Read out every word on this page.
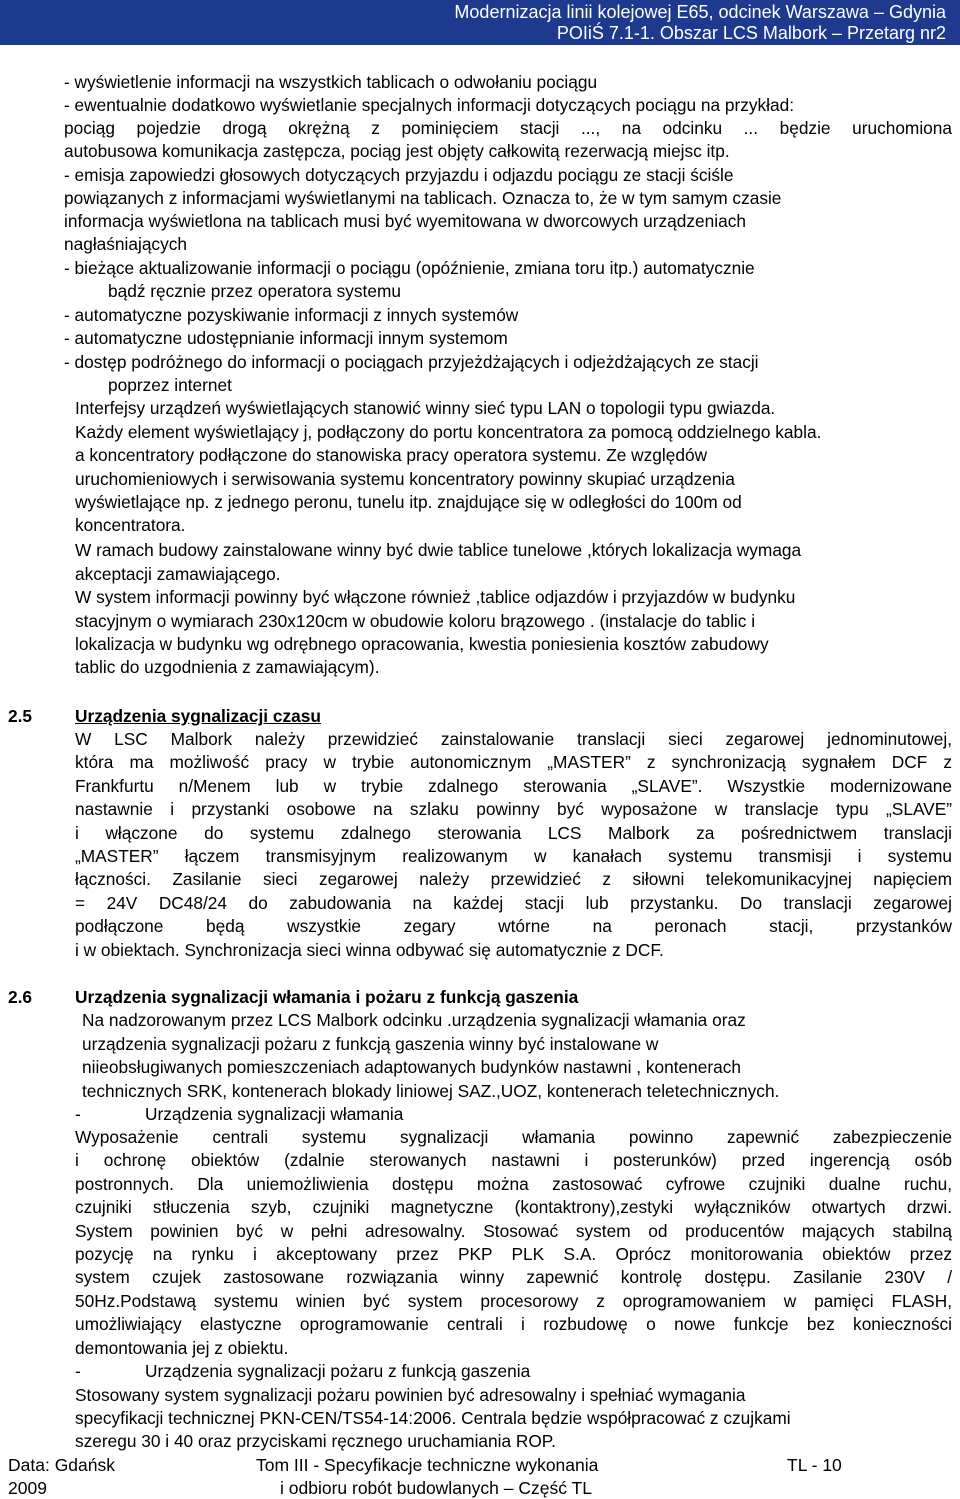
Modernizacja linii kolejowej E65, odcinek Warszawa – Gdynia
POIiŚ 7.1-1. Obszar LCS Malbork – Przetarg nr2
- wyświetlenie informacji na wszystkich tablicach o odwołaniu pociągu
- ewentualnie dodatkowo wyświetlanie specjalnych informacji dotyczących pociągu na przykład:
pociąg pojedzie drogą okrężną z pominięciem stacji ..., na odcinku ... będzie uruchomiona
autobusowa komunikacja zastępcza, pociąg jest objęty całkowitą rezerwacją miejsc itp.
- emisja zapowiedzi głosowych dotyczących przyjazdu i odjazdu pociągu ze stacji ściśle
powiązanych z informacjami wyświetlanymi na tablicach. Oznacza to, że w tym samym czasie
informacja wyświetlona na tablicach musi być wyemitowana w dworcowych urządzeniach
nagłaśniających
- bieżące aktualizowanie informacji o pociągu (opóźnienie, zmiana toru itp.) automatycznie
bądź ręcznie przez operatora systemu
- automatyczne pozyskiwanie informacji z innych systemów
- automatyczne udostępnianie informacji innym systemom
- dostęp podróżnego do informacji o pociągach przyjeżdżających i odjeżdżających ze stacji
poprzez internet
Interfejsy urządzeń wyświetlających stanowić winny sieć typu LAN o topologii typu gwiazda.
Każdy element wyświetlający j, podłączony do portu koncentratora za pomocą oddzielnego kabla.
a koncentratory podłączone do stanowiska pracy operatora systemu. Ze względów
uruchomieniowych i serwisowania systemu koncentratory powinny skupiać urządzenia
wyświetlające np. z jednego peronu, tunelu itp. znajdujące się w odległości do 100m od
koncentratora.
W ramach budowy zainstalowane winny być dwie tablice tunelowe ,których lokalizacja wymaga
akceptacji zamawiającego.
W system informacji powinny być włączone również ,tablice odjazdów i przyjazdów w budynku
stacyjnym o wymiarach 230x120cm w obudowie koloru brązowego . (instalacje do tablic i
lokalizacja w budynku wg odrębnego opracowania, kwestia poniesienia kosztów zabudowy
tablic do uzgodnienia z zamawiającym).
2.5 Urządzenia sygnalizacji czasu
W LSC Malbork należy przewidzieć zainstalowanie translacji sieci zegarowej jednominutowej,
która ma możliwość pracy w trybie autonomicznym „MASTER” z synchronizacją sygnałem DCF z
Frankfurtu n/Menem lub w trybie zdalnego sterowania „SLAVE”. Wszystkie modernizowane
nastawnie i przystanki osobowe na szlaku powinny być wyposażone w translacje typu „SLAVE”
i włączone do systemu zdalnego sterowania LCS Malbork za pośrednictwem translacji
„MASTER” łączem transmisyjnym realizowanym w kanałach systemu transmisji i systemu
łączności. Zasilanie sieci zegarowej należy przewidzieć z siłowni telekomunikacyjnej napięciem
= 24V DC48/24 do zabudowania na każdej stacji lub przystanku. Do translacji zegarowej
podłączone będą wszystkie zegary wtórne na peronach stacji, przystanków
i w obiektach. Synchronizacja sieci winna odbywać się automatycznie z DCF.
2.6 Urządzenia sygnalizacji włamania i pożaru z funkcją gaszenia
Na nadzorowanym przez LCS Malbork odcinku .urządzenia sygnalizacji włamania oraz
urządzenia sygnalizacji pożaru z funkcją gaszenia winny być instalowane w
niieobsługiwanych pomieszczeniach adaptowanych budynków nastawni , kontenerach
technicznych SRK, kontenerach blokady liniowej SAZ.,UOZ, kontenerach teletechnicznych.
-	Urządzenia sygnalizacji włamania
Wyposażenie centrali systemu sygnalizacji włamania powinno zapewnić zabezpieczenie
i ochronę obiektów (zdalnie sterowanych nastawni i posterunków) przed ingerencją osób
postronnych. Dla uniemożliwienia dostępu można zastosować cyfrowe czujniki dualne ruchu,
czujniki stłuczenia szyb, czujniki magnetyczne (kontaktrony),zestyki wyłączników otwartych drzwi.
System powinien być w pełni adresowalny. Stosować system od producentów mających stabilną
pozycję na rynku i akceptowany przez PKP PLK S.A. Oprócz monitorowania obiektów przez
system czujek zastosowane rozwiązania winny zapewnić kontrolę dostępu. Zasilanie 230V /
50Hz.Podstawą systemu winien być system procesorowy z oprogramowaniem w pamięci FLASH,
umożliwiający elastyczne oprogramowanie centrali i rozbudowę o nowe funkcje bez konieczności
demontowania jej z obiektu.
-	Urządzenia sygnalizacji pożaru z funkcją gaszenia
Stosowany system sygnalizacji pożaru powinien być adresowalny i spełniać wymagania
specyfikacji technicznej PKN-CEN/TS54-14:2006. Centrala będzie współpracować z czujkami
szeregu 30 i 40 oraz przyciskami ręcznego uruchamiania ROP.
Data: Gdańsk
2009
Tom III - Specyfikacje techniczne wykonania
i odbioru robót budowlanych – Część TL
TL - 10
